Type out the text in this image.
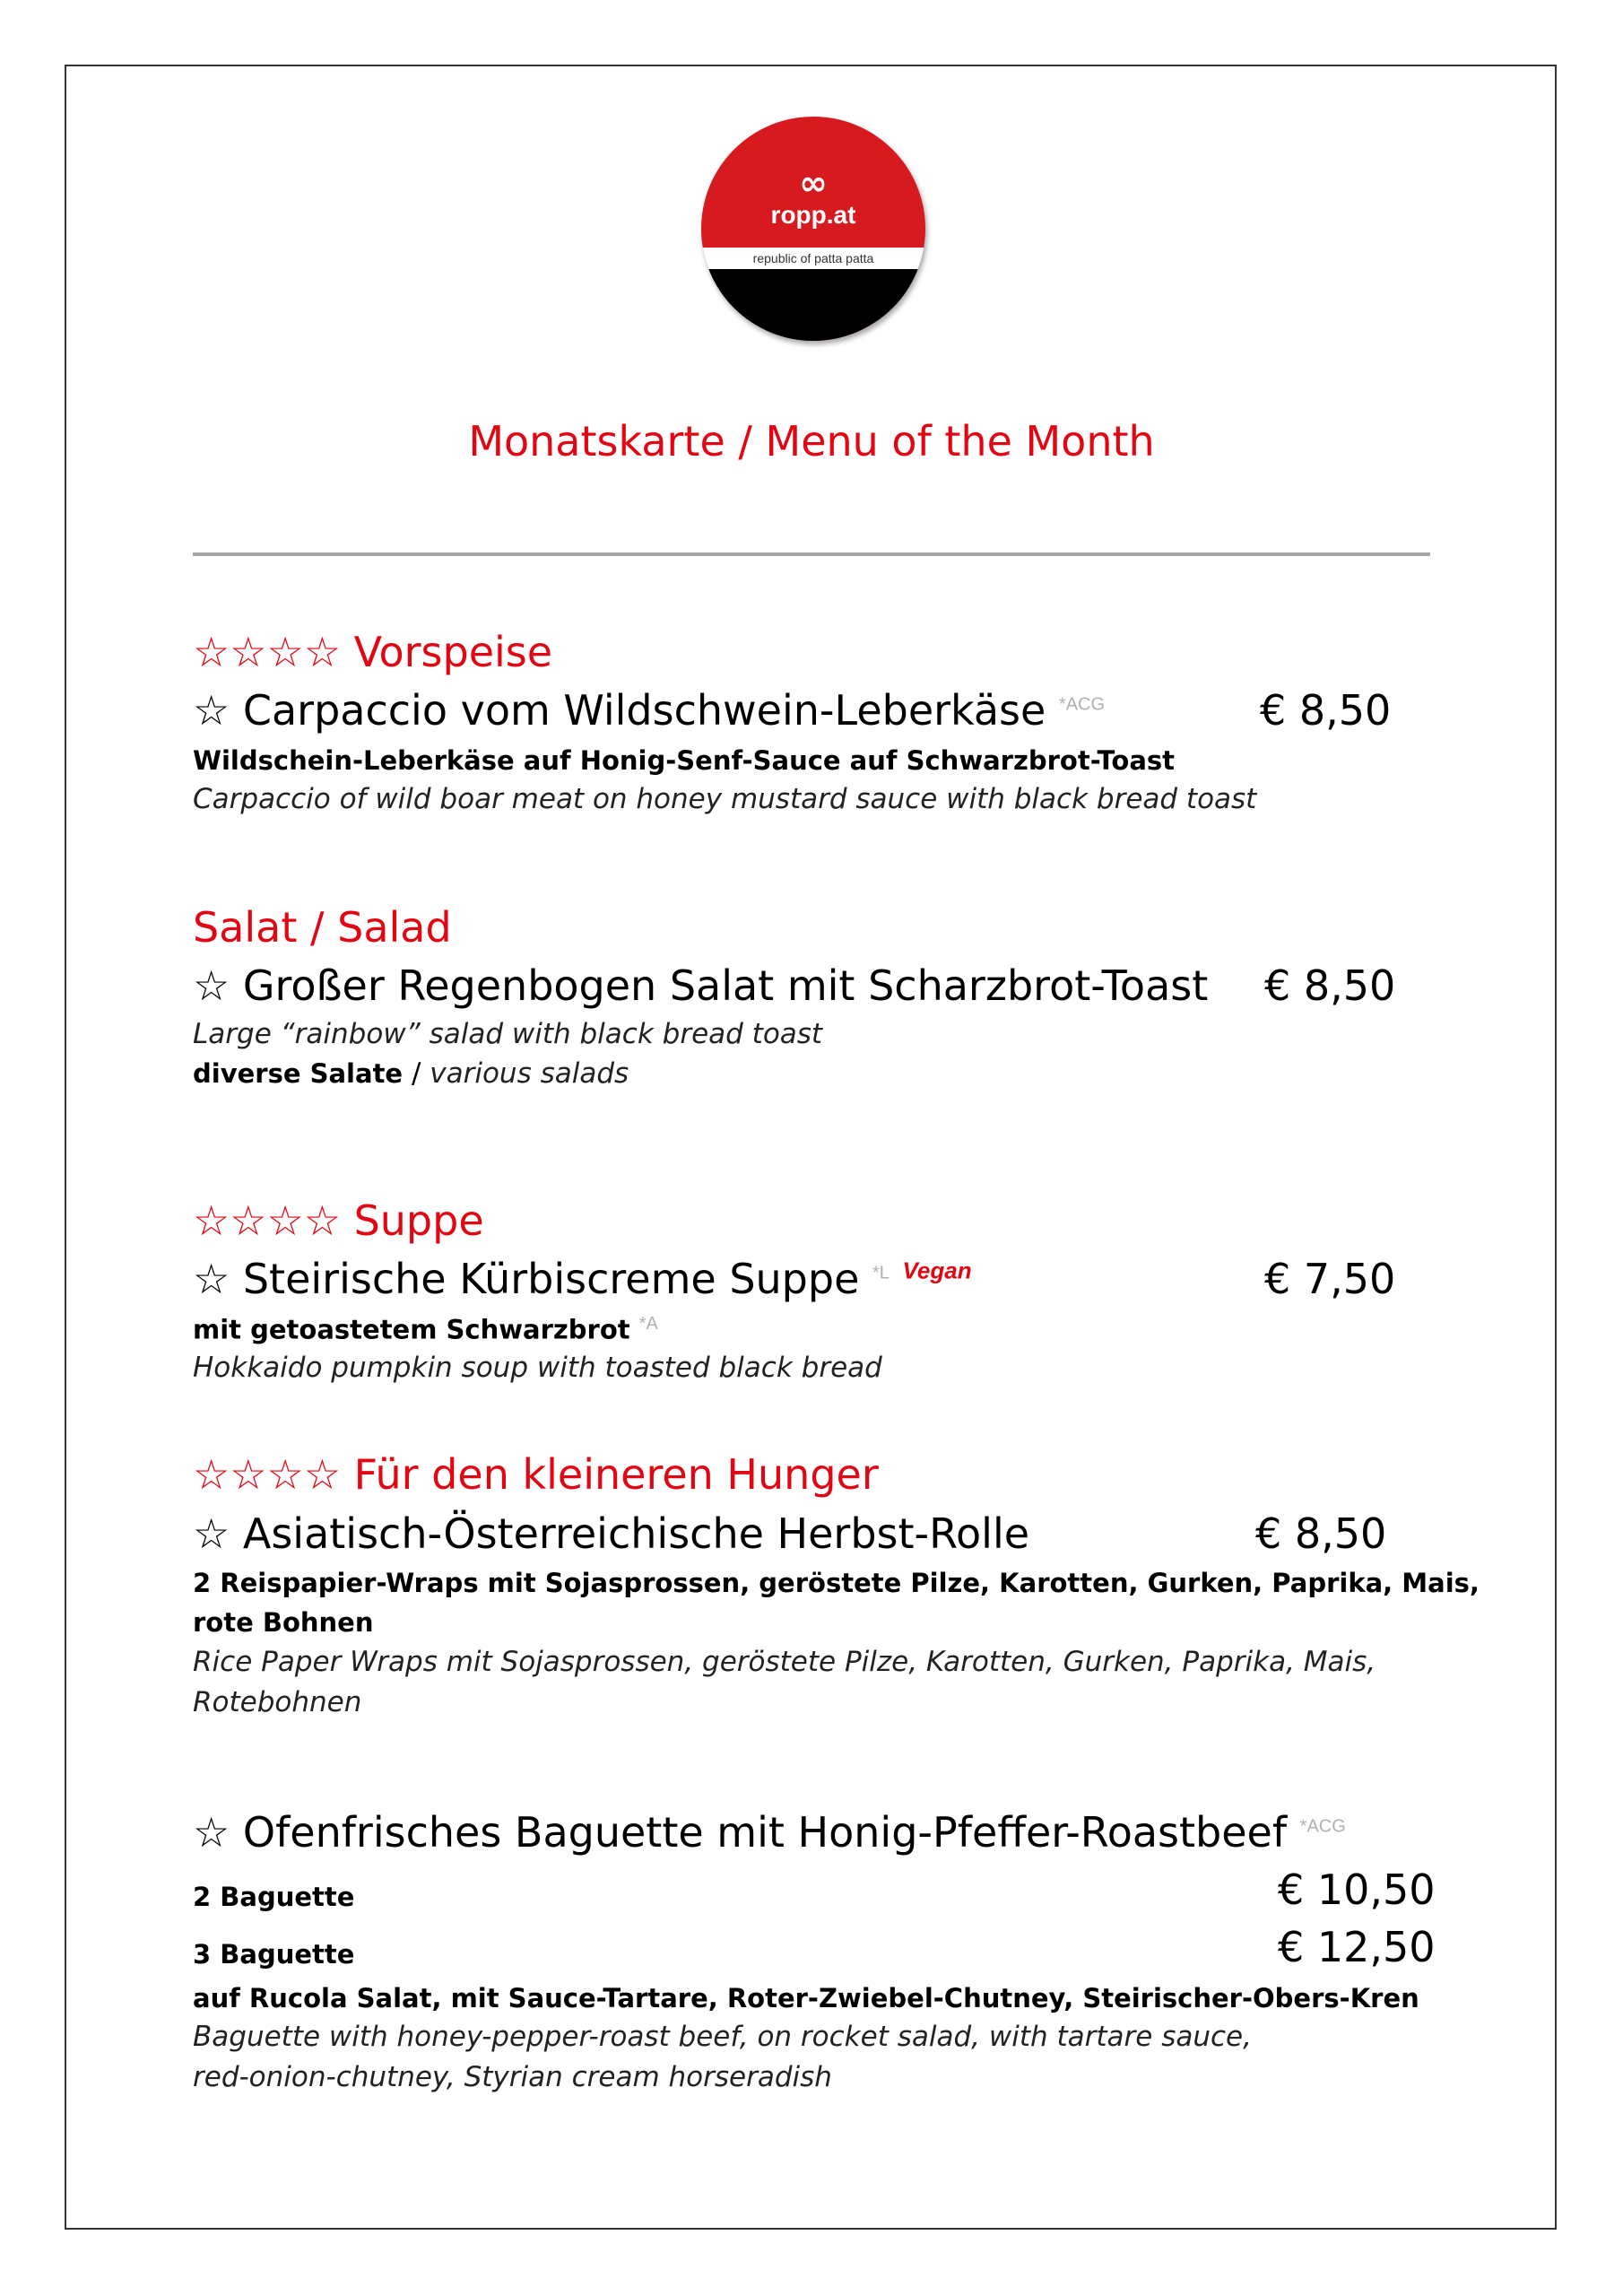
∞
ropp.at
republic of patta patta
Monatskarte / Menu of the Month
☆☆☆☆ Vorspeise
☆ Carpaccio vom Wildschwein-Leberkäse $^{*ACG}$	€ 8,50
Wildschein-Leberkäse auf Honig-Senf-Sauce auf Schwarzbrot-Toast
Carpaccio of wild boar meat on honey mustard sauce with black bread toast
Salat / Salad
☆ Großer Regenbogen Salat mit Scharzbrot-Toast € 8,50
Large “rainbow” salad with black bread toast
diverse Salate / various salads
☆☆☆☆ Suppe
☆ Steirische Kürbiscreme Suppe $^{*L}$ $^{Vegan}$	€ 7,50
mit getoastetem Schwarzbrot $^{*A}$
Hokkaido pumpkin soup with toasted black bread
☆☆☆☆ Für den kleineren Hunger
☆ Asiatisch-Österreichische Herbst-Rolle	€ 8,50
2 Reispapier-Wraps mit Sojasprossen, geröstete Pilze, Karotten, Gurken, Paprika, Mais,
rote Bohnen
Rice Paper Wraps mit Sojasprossen, geröstete Pilze, Karotten, Gurken, Paprika, Mais,
Rotebohnen
☆ Ofenfrisches Baguette mit Honig-Pfeffer-Roastbeef $^{*ACG}$
2 Baguette	€ 10,50
3 Baguette	€ 12,50
auf Rucola Salat, mit Sauce-Tartare, Roter-Zwiebel-Chutney, Steirischer-Obers-Kren
Baguette with honey-pepper-roast beef, on rocket salad, with tartare sauce,
red-onion-chutney, Styrian cream horseradish
